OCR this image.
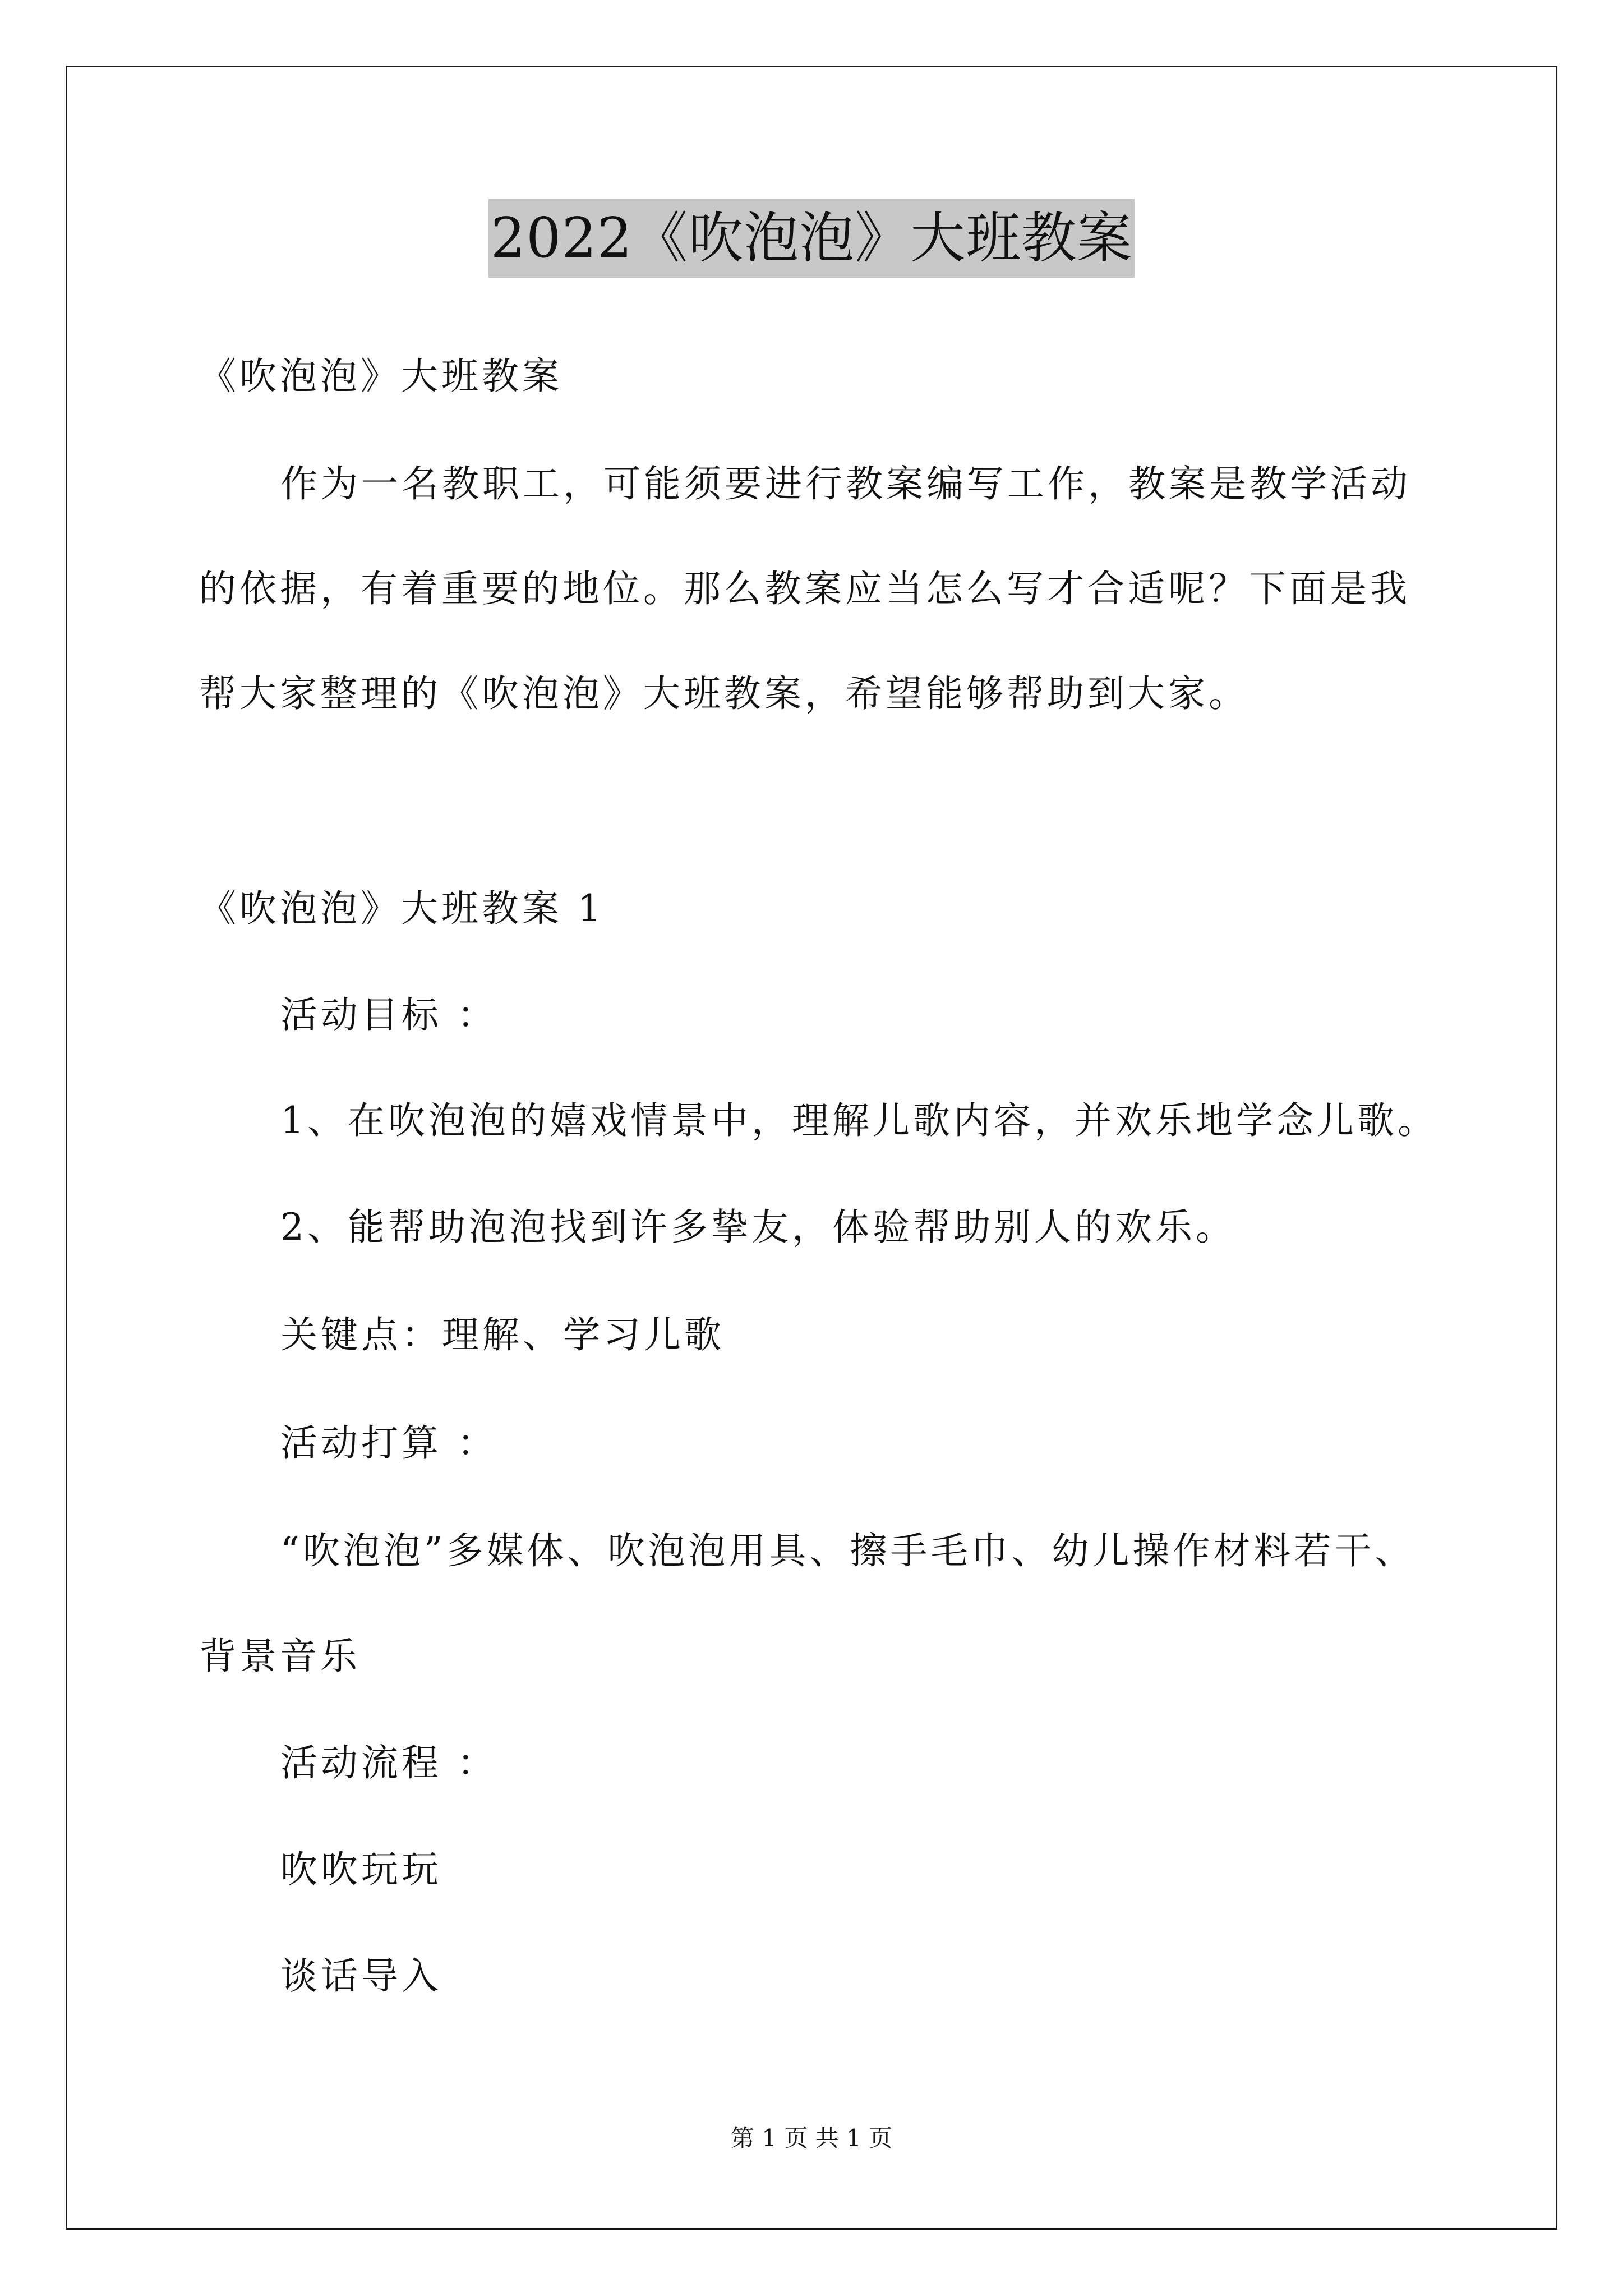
2022《吹泡泡》大班教案

《吹泡泡》大班教案

作为一名教职工，可能须要进行教案编写工作，教案是教学活动

的依据，有着重要的地位。那么教案应当怎么写才合适呢？下面是我

帮大家整理的《吹泡泡》大班教案，希望能够帮助到大家。

《吹泡泡》大班教案 1

活动目标 ：

1、在吹泡泡的嬉戏情景中，理解儿歌内容，并欢乐地学念儿歌。

2、能帮助泡泡找到许多挚友，体验帮助别人的欢乐。

关键点：理解、学习儿歌

活动打算 ：

“吹泡泡”多媒体、吹泡泡用具、擦手毛巾、幼儿操作材料若干、

背景音乐

活动流程 ：

吹吹玩玩

谈话导入

第 1 页 共 1 页
